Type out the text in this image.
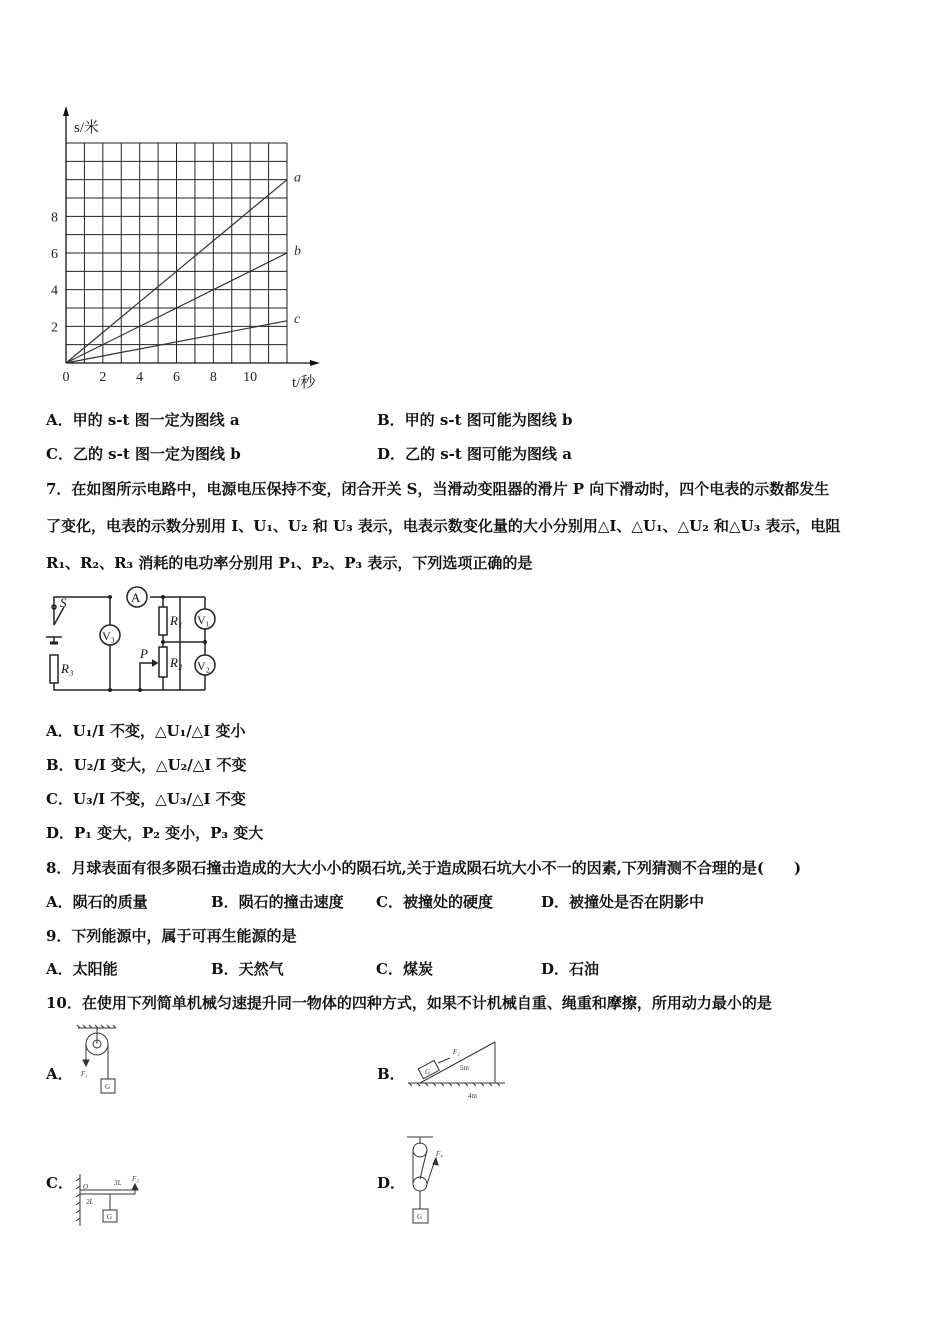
a
b
c
0 2 4 6 8 10
2
4
6
8
s/米
t/秒
A．甲的 s-t 图一定为图线 a	B．甲的 s-t 图可能为图线 b
C．乙的 s-t 图一定为图线 b	D．乙的 s-t 图可能为图线 a
7．在如图所示电路中，电源电压保持不变，闭合开关 S，当滑动变阻器的滑片 P 向下滑动时，四个电表的示数都发生
了变化，电表的示数分别用 I、U₁、U₂ 和 U₃ 表示，电表示数变化量的大小分别用△I、△U₁、△U₂ 和△U₃ 表示，电阻
R₁、R₂、R₃ 消耗的电功率分别用 P₁、P₂、P₃ 表示，下列选项正确的是
S	A
V₃
V₁
V₂
R₁
R₂
R₃
P
A．U₁/I 不变，△U₁/△I 变小
B．U₂/I 变大，△U₂/△I 不变
C．U₃/I 不变，△U₃/△I 不变
D．P₁ 变大，P₂ 变小，P₃ 变大
8．月球表面有很多陨石撞击造成的大大小小的陨石坑,关于造成陨石坑大小不一的因素,下列猜测不合理的是(　　)
A．陨石的质量	B．陨石的撞击速度 C．被撞处的硬度	D．被撞处是否在阴影中
9．下列能源中，属于可再生能源的是
A．太阳能	B．天然气	C．煤炭	D．石油
10．在使用下列简单机械匀速提升同一物体的四种方式，如果不计机械自重、绳重和摩擦，所用动力最小的是
A．
G
F₁	B．	G
F₂
5m
4m
C．
G
O	3L
2L
F₃	D．
G
F₄
